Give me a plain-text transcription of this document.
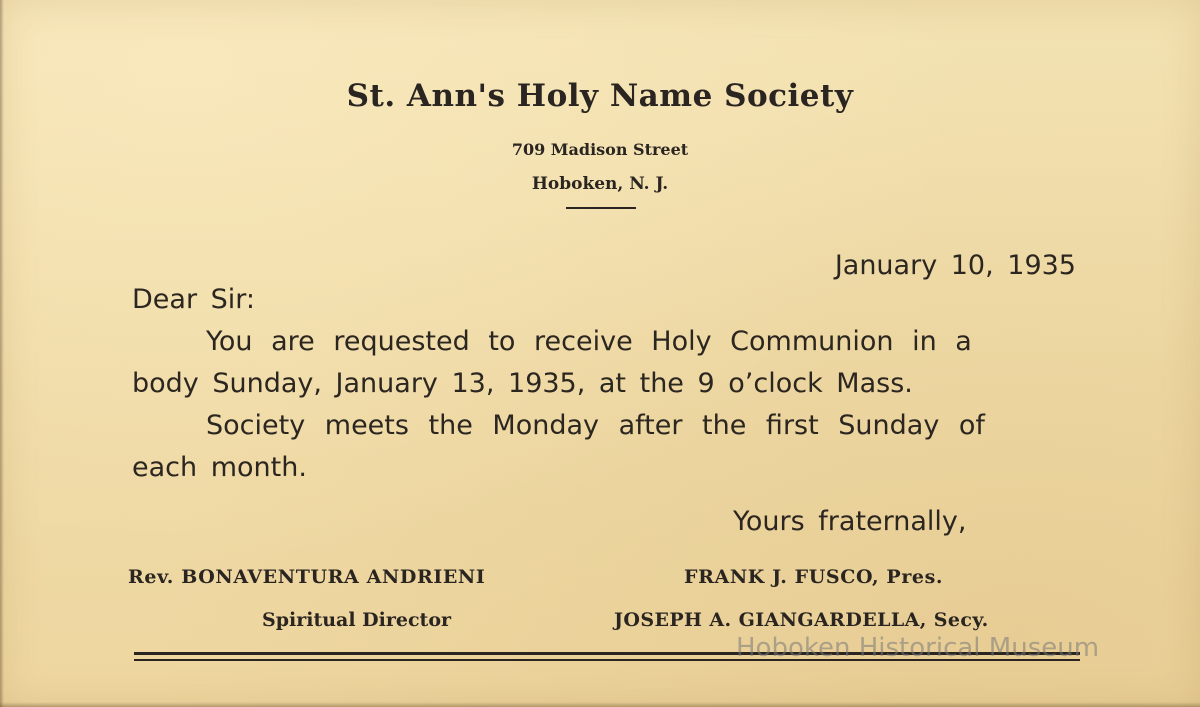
St. Ann's Holy Name Society
709 Madison Street
Hoboken, N. J.
January 10, 1935
Dear Sir:
You are requested to receive Holy Communion in a
body Sunday, January 13, 1935, at the 9 o’clock Mass.
Society meets the Monday after the first Sunday of
each month.
Yours fraternally,
Rev. BONAVENTURA ANDRIENI
Spiritual Director
FRANK J. FUSCO, Pres.
JOSEPH A. GIANGARDELLA, Secy.
Hoboken Historical Museum
